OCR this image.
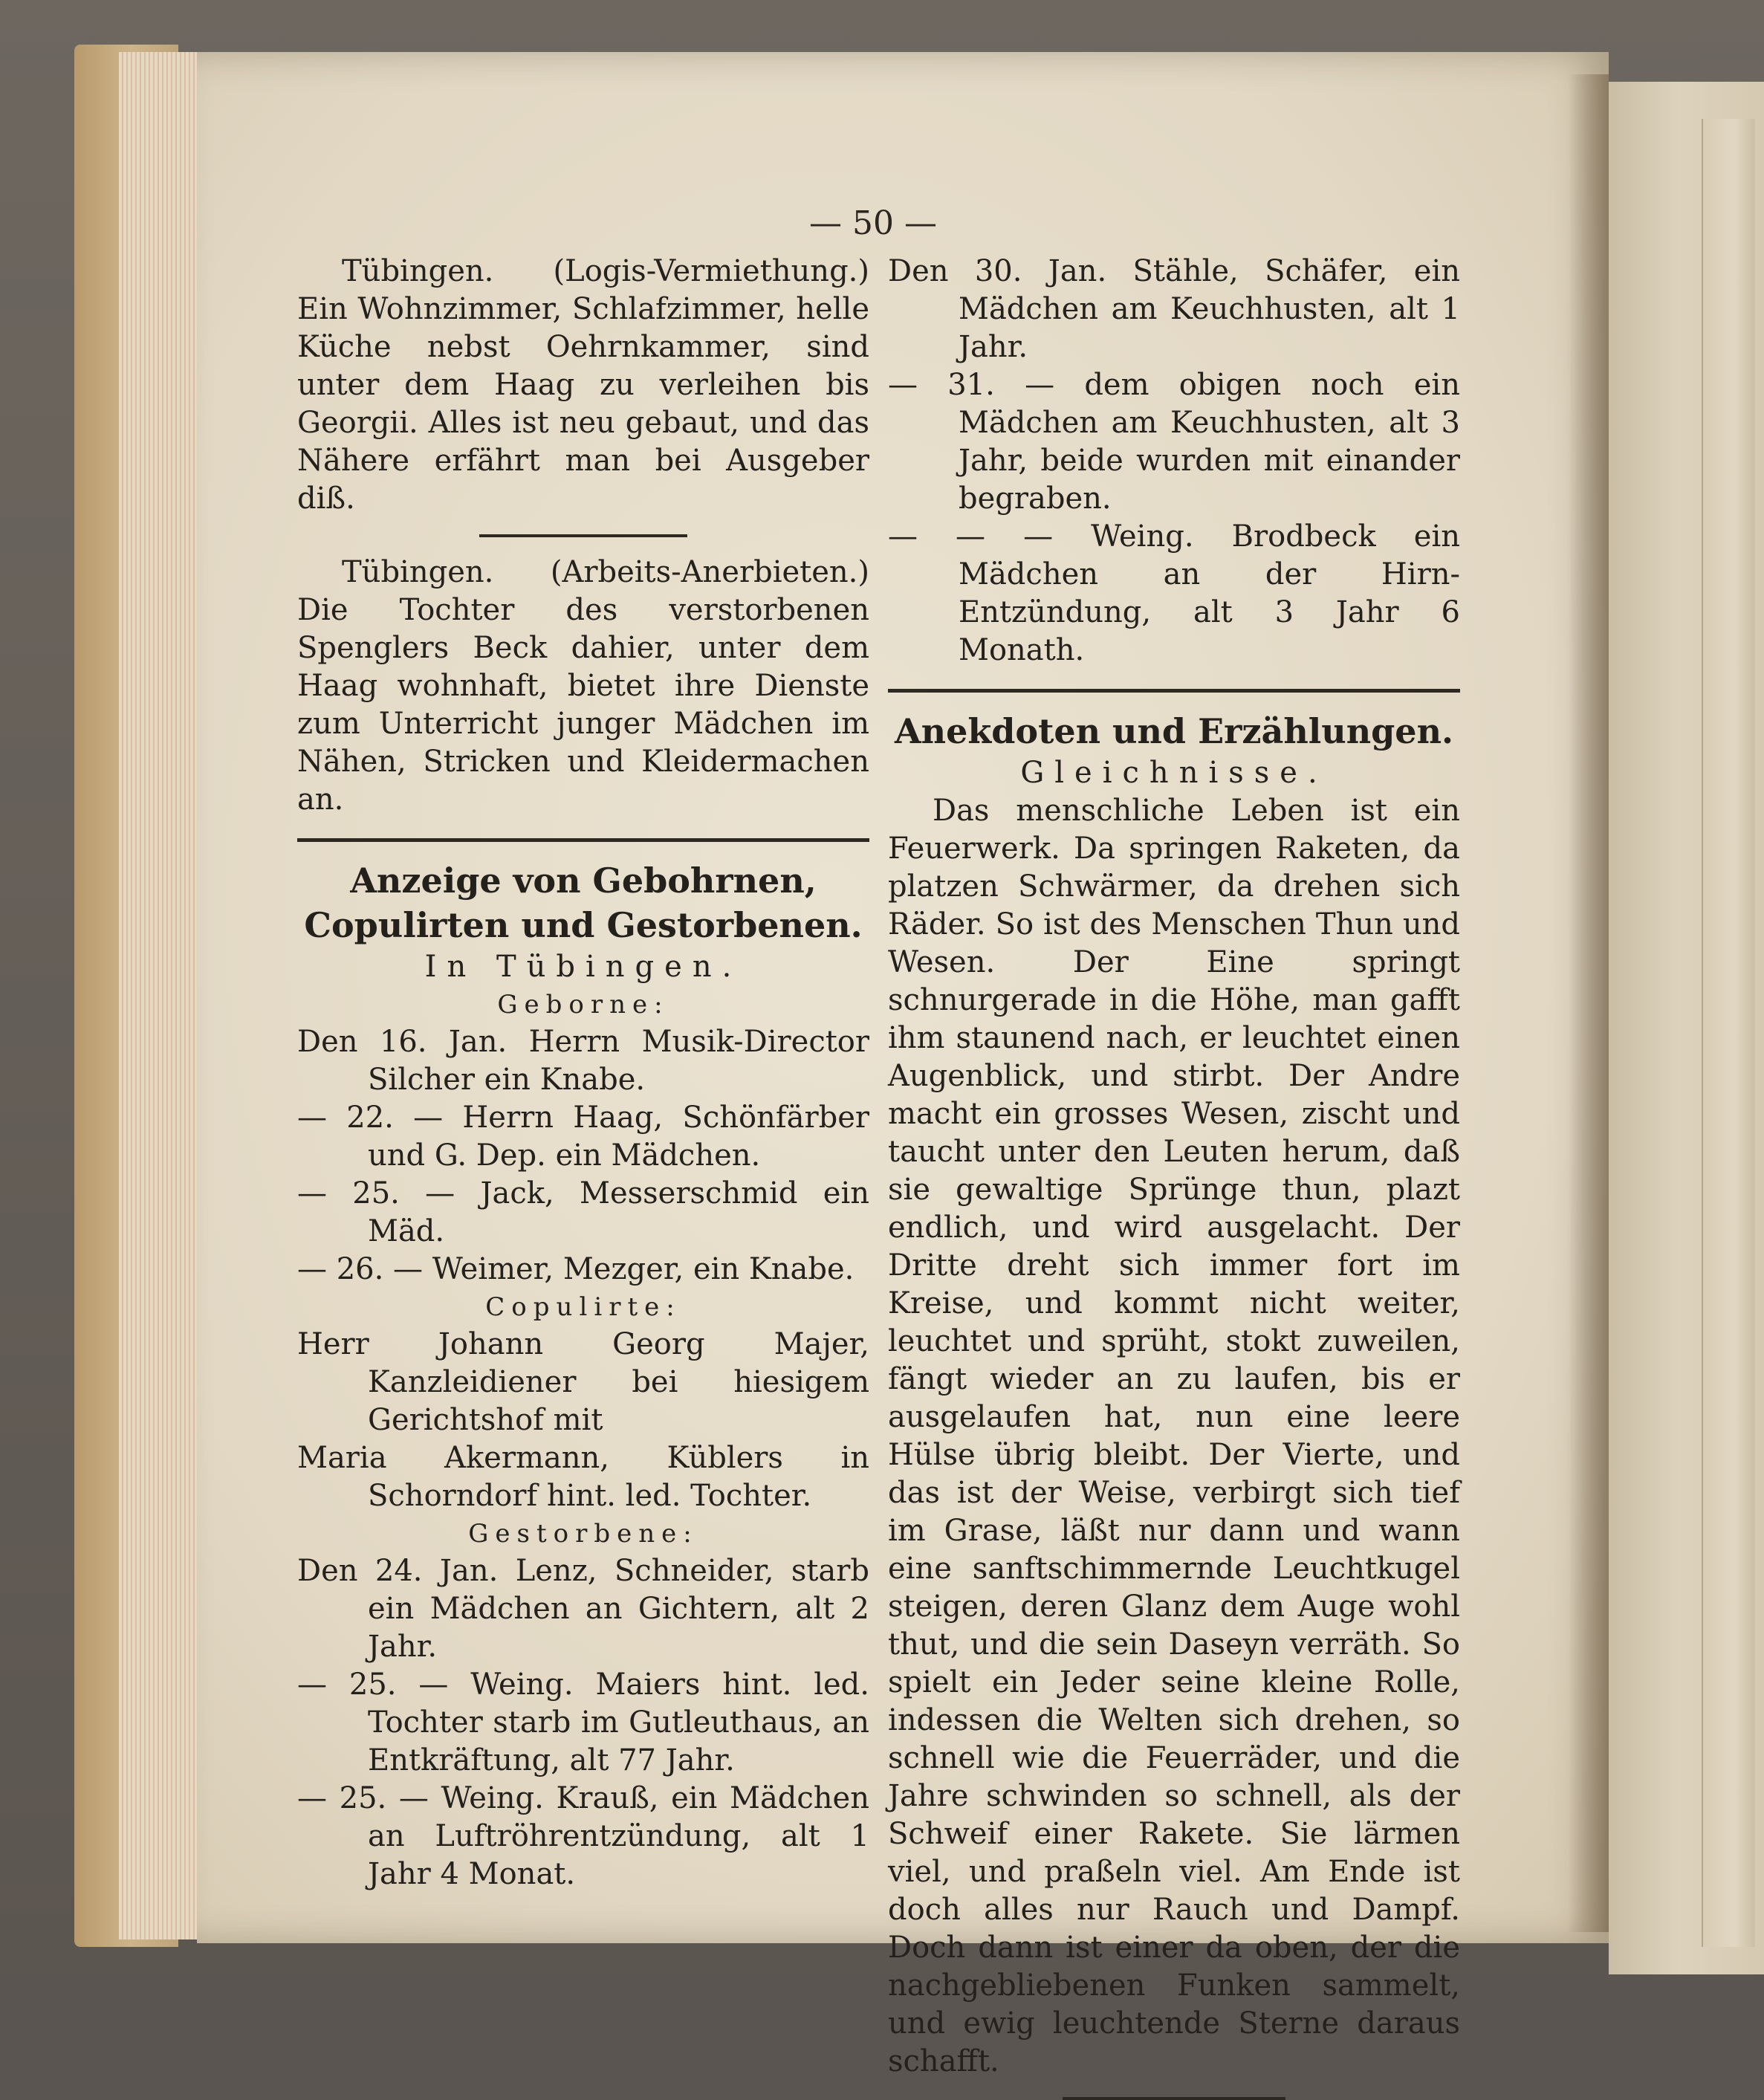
— 50 —

Tübingen. (Logis-Vermiethung.) Ein Wohnzimmer, Schlafzimmer, helle Küche nebst Oehrnkammer, sind unter dem Haag zu verleihen bis Georgii. Alles ist neu gebaut, und das Nähere erfährt man bei Ausgeber diß.

Tübingen. (Arbeits-Anerbieten.) Die Tochter des verstorbenen Spenglers Beck dahier, unter dem Haag wohnhaft, bietet ihre Dienste zum Unterricht junger Mädchen im Nähen, Stricken und Kleidermachen an.

Anzeige von Gebohrnen, Copulirten und Gestorbenen.

In Tübingen.

Geborne:

Den 16. Jan. Herrn Musik-Director Silcher ein Knabe.

— 22. — Herrn Haag, Schönfärber und G. Dep. ein Mädchen.

— 25. — Jack, Messerschmid ein Mäd.

— 26. — Weimer, Mezger, ein Knabe.

Copulirte:

Herr Johann Georg Majer, Kanzleidiener bei hiesigem Gerichtshof mit

Maria Akermann, Küblers in Schorndorf hint. led. Tochter.

Gestorbene:

Den 24. Jan. Lenz, Schneider, starb ein Mädchen an Gichtern, alt 2 Jahr.

— 25. — Weing. Maiers hint. led. Tochter starb im Gutleuthaus, an Entkräftung, alt 77 Jahr.

— 25. — Weing. Krauß, ein Mädchen an Luftröhrentzündung, alt 1 Jahr 4 Monat.

Den 30. Jan. Stähle, Schäfer, ein Mädchen am Keuchhusten, alt 1 Jahr.

— 31. — dem obigen noch ein Mädchen am Keuchhusten, alt 3 Jahr, beide wurden mit einander begraben.

— — — Weing. Brodbeck ein Mädchen an der Hirn-Entzündung, alt 3 Jahr 6 Monath.

Anekdoten und Erzählungen.

Gleichnisse.

Das menschliche Leben ist ein Feuerwerk. Da springen Raketen, da platzen Schwärmer, da drehen sich Räder. So ist des Menschen Thun und Wesen. Der Eine springt schnurgerade in die Höhe, man gafft ihm staunend nach, er leuchtet einen Augenblick, und stirbt. Der Andre macht ein grosses Wesen, zischt und taucht unter den Leuten herum, daß sie gewaltige Sprünge thun, plazt endlich, und wird ausgelacht. Der Dritte dreht sich immer fort im Kreise, und kommt nicht weiter, leuchtet und sprüht, stokt zuweilen, fängt wieder an zu laufen, bis er ausgelaufen hat, nun eine leere Hülse übrig bleibt. Der Vierte, und das ist der Weise, verbirgt sich tief im Grase, läßt nur dann und wann eine sanftschimmernde Leuchtkugel steigen, deren Glanz dem Auge wohl thut, und die sein Daseyn verräth. So spielt ein Jeder seine kleine Rolle, indessen die Welten sich drehen, so schnell wie die Feuerräder, und die Jahre schwinden so schnell, als der Schweif einer Rakete. Sie lärmen viel, und praßeln viel. Am Ende ist doch alles nur Rauch und Dampf. Doch dann ist einer da oben, der die nachgebliebenen Funken sammelt, und ewig leuchtende Sterne daraus schafft.
